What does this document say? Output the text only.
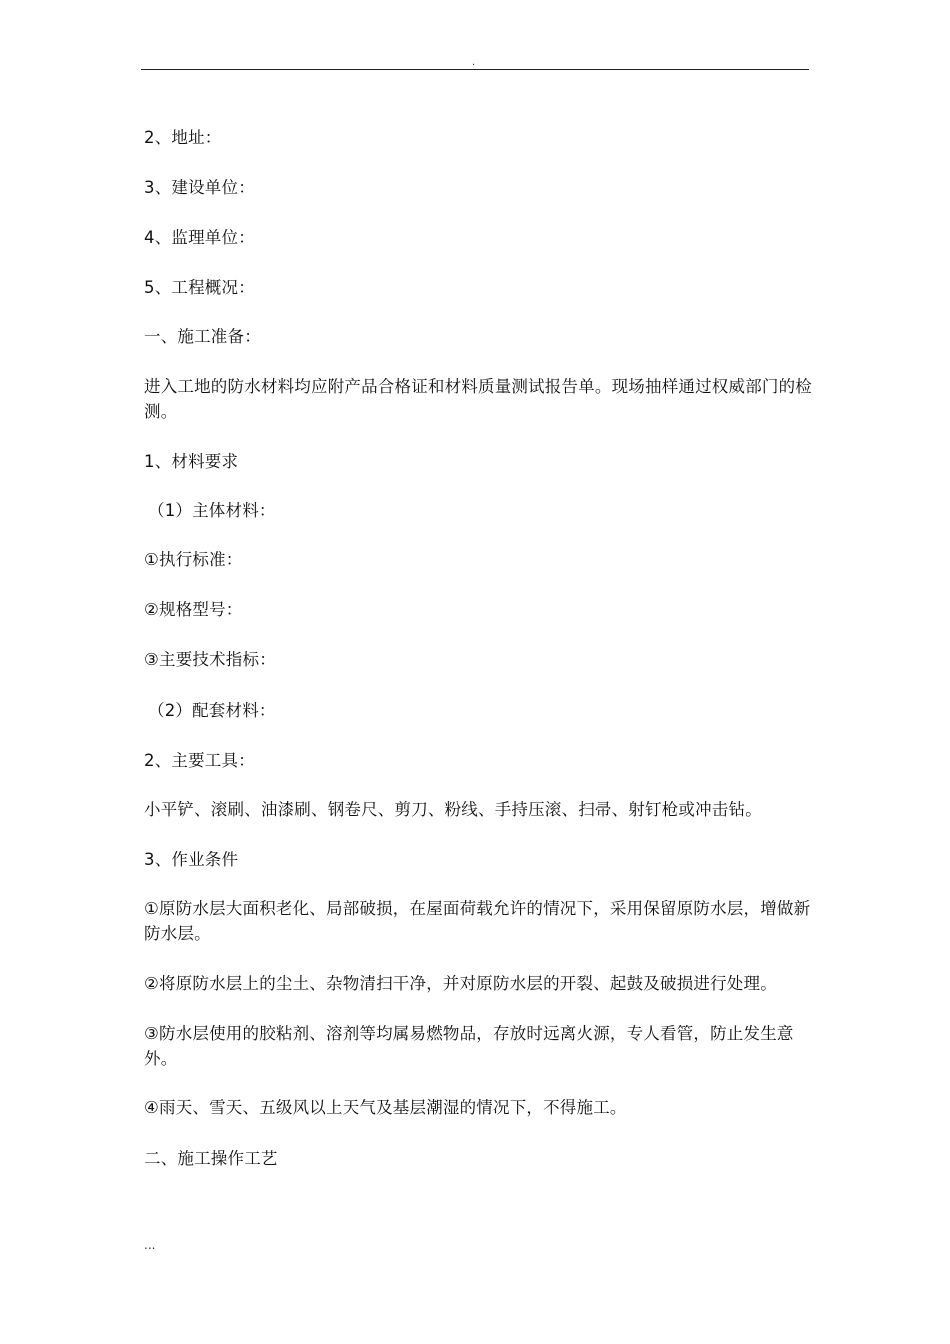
.

2、地址：

3、建设单位：

4、监理单位：

5、工程概况：

一、施工准备：

进入工地的防水材料均应附产品合格证和材料质量测试报告单。现场抽样通过权威部门的检测。

1、材料要求

（1）主体材料：

①执行标准：

②规格型号：

③主要技术指标：

（2）配套材料：

2、主要工具：

小平铲、滚刷、油漆刷、钢卷尺、剪刀、粉线、手持压滚、扫帚、射钉枪或冲击钻。

3、作业条件

①原防水层大面积老化、局部破损，在屋面荷载允许的情况下，采用保留原防水层，增做新防水层。

②将原防水层上的尘土、杂物清扫干净，并对原防水层的开裂、起鼓及破损进行处理。

③防水层使用的胶粘剂、溶剂等均属易燃物品，存放时远离火源，专人看管，防止发生意外。

④雨天、雪天、五级风以上天气及基层潮湿的情况下，不得施工。

二、施工操作工艺

...
